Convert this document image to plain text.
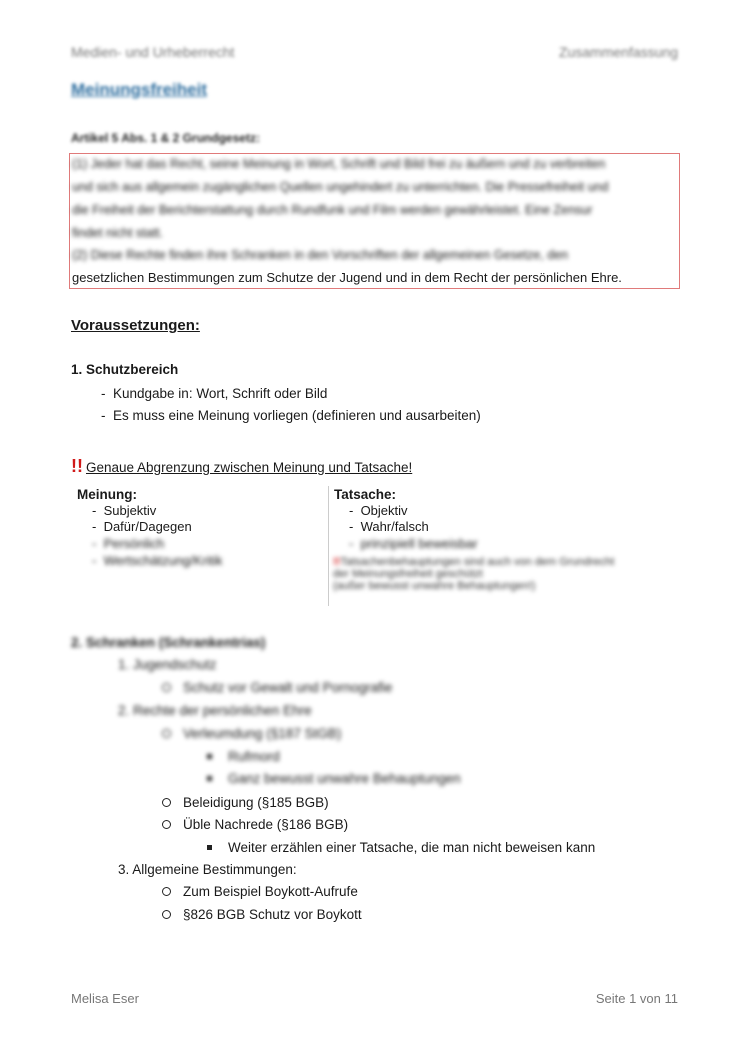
Medien- und Urheberrecht	Zusammenfassung
Meinungsfreiheit
Artikel 5 Abs. 1 & 2 Grundgesetz:
(1) Jeder hat das Recht, seine Meinung in Wort, Schrift und Bild frei zu äußern und zu verbreiten
und sich aus allgemein zugänglichen Quellen ungehindert zu unterrichten. Die Pressefreiheit und
die Freiheit der Berichterstattung durch Rundfunk und Film werden gewährleistet. Eine Zensur
findet nicht statt.
(2) Diese Rechte finden ihre Schranken in den Vorschriften der allgemeinen Gesetze, den
gesetzlichen Bestimmungen zum Schutze der Jugend und in dem Recht der persönlichen Ehre.
Voraussetzungen:
1. Schutzbereich
-  Kundgabe in: Wort, Schrift oder Bild
-  Es muss eine Meinung vorliegen (definieren und ausarbeiten)
!! Genaue Abgrenzung zwischen Meinung und Tatsache!
Meinung:
-  Subjektiv
-  Dafür/Dagegen
-  Persönlich
-  Wertschätzung/Kritik
Tatsache:
-  Objektiv
-  Wahr/falsch
-  prinzipiell beweisbar
!!Tatsachenbehauptungen sind auch von dem Grundrecht
der Meinungsfreiheit geschützt
(außer bewusst unwahre Behauptungen!)
2. Schranken (Schrankentrias)
1. Jugendschutz
Schutz vor Gewalt und Pornografie
2. Rechte der persönlichen Ehre
Verleumdung (§187 StGB)
Rufmord
Ganz bewusst unwahre Behauptungen
Beleidigung (§185 BGB)
Üble Nachrede (§186 BGB)
Weiter erzählen einer Tatsache, die man nicht beweisen kann
3. Allgemeine Bestimmungen:
Zum Beispiel Boykott-Aufrufe
§826 BGB Schutz vor Boykott
Melisa Eser	Seite 1 von 11
